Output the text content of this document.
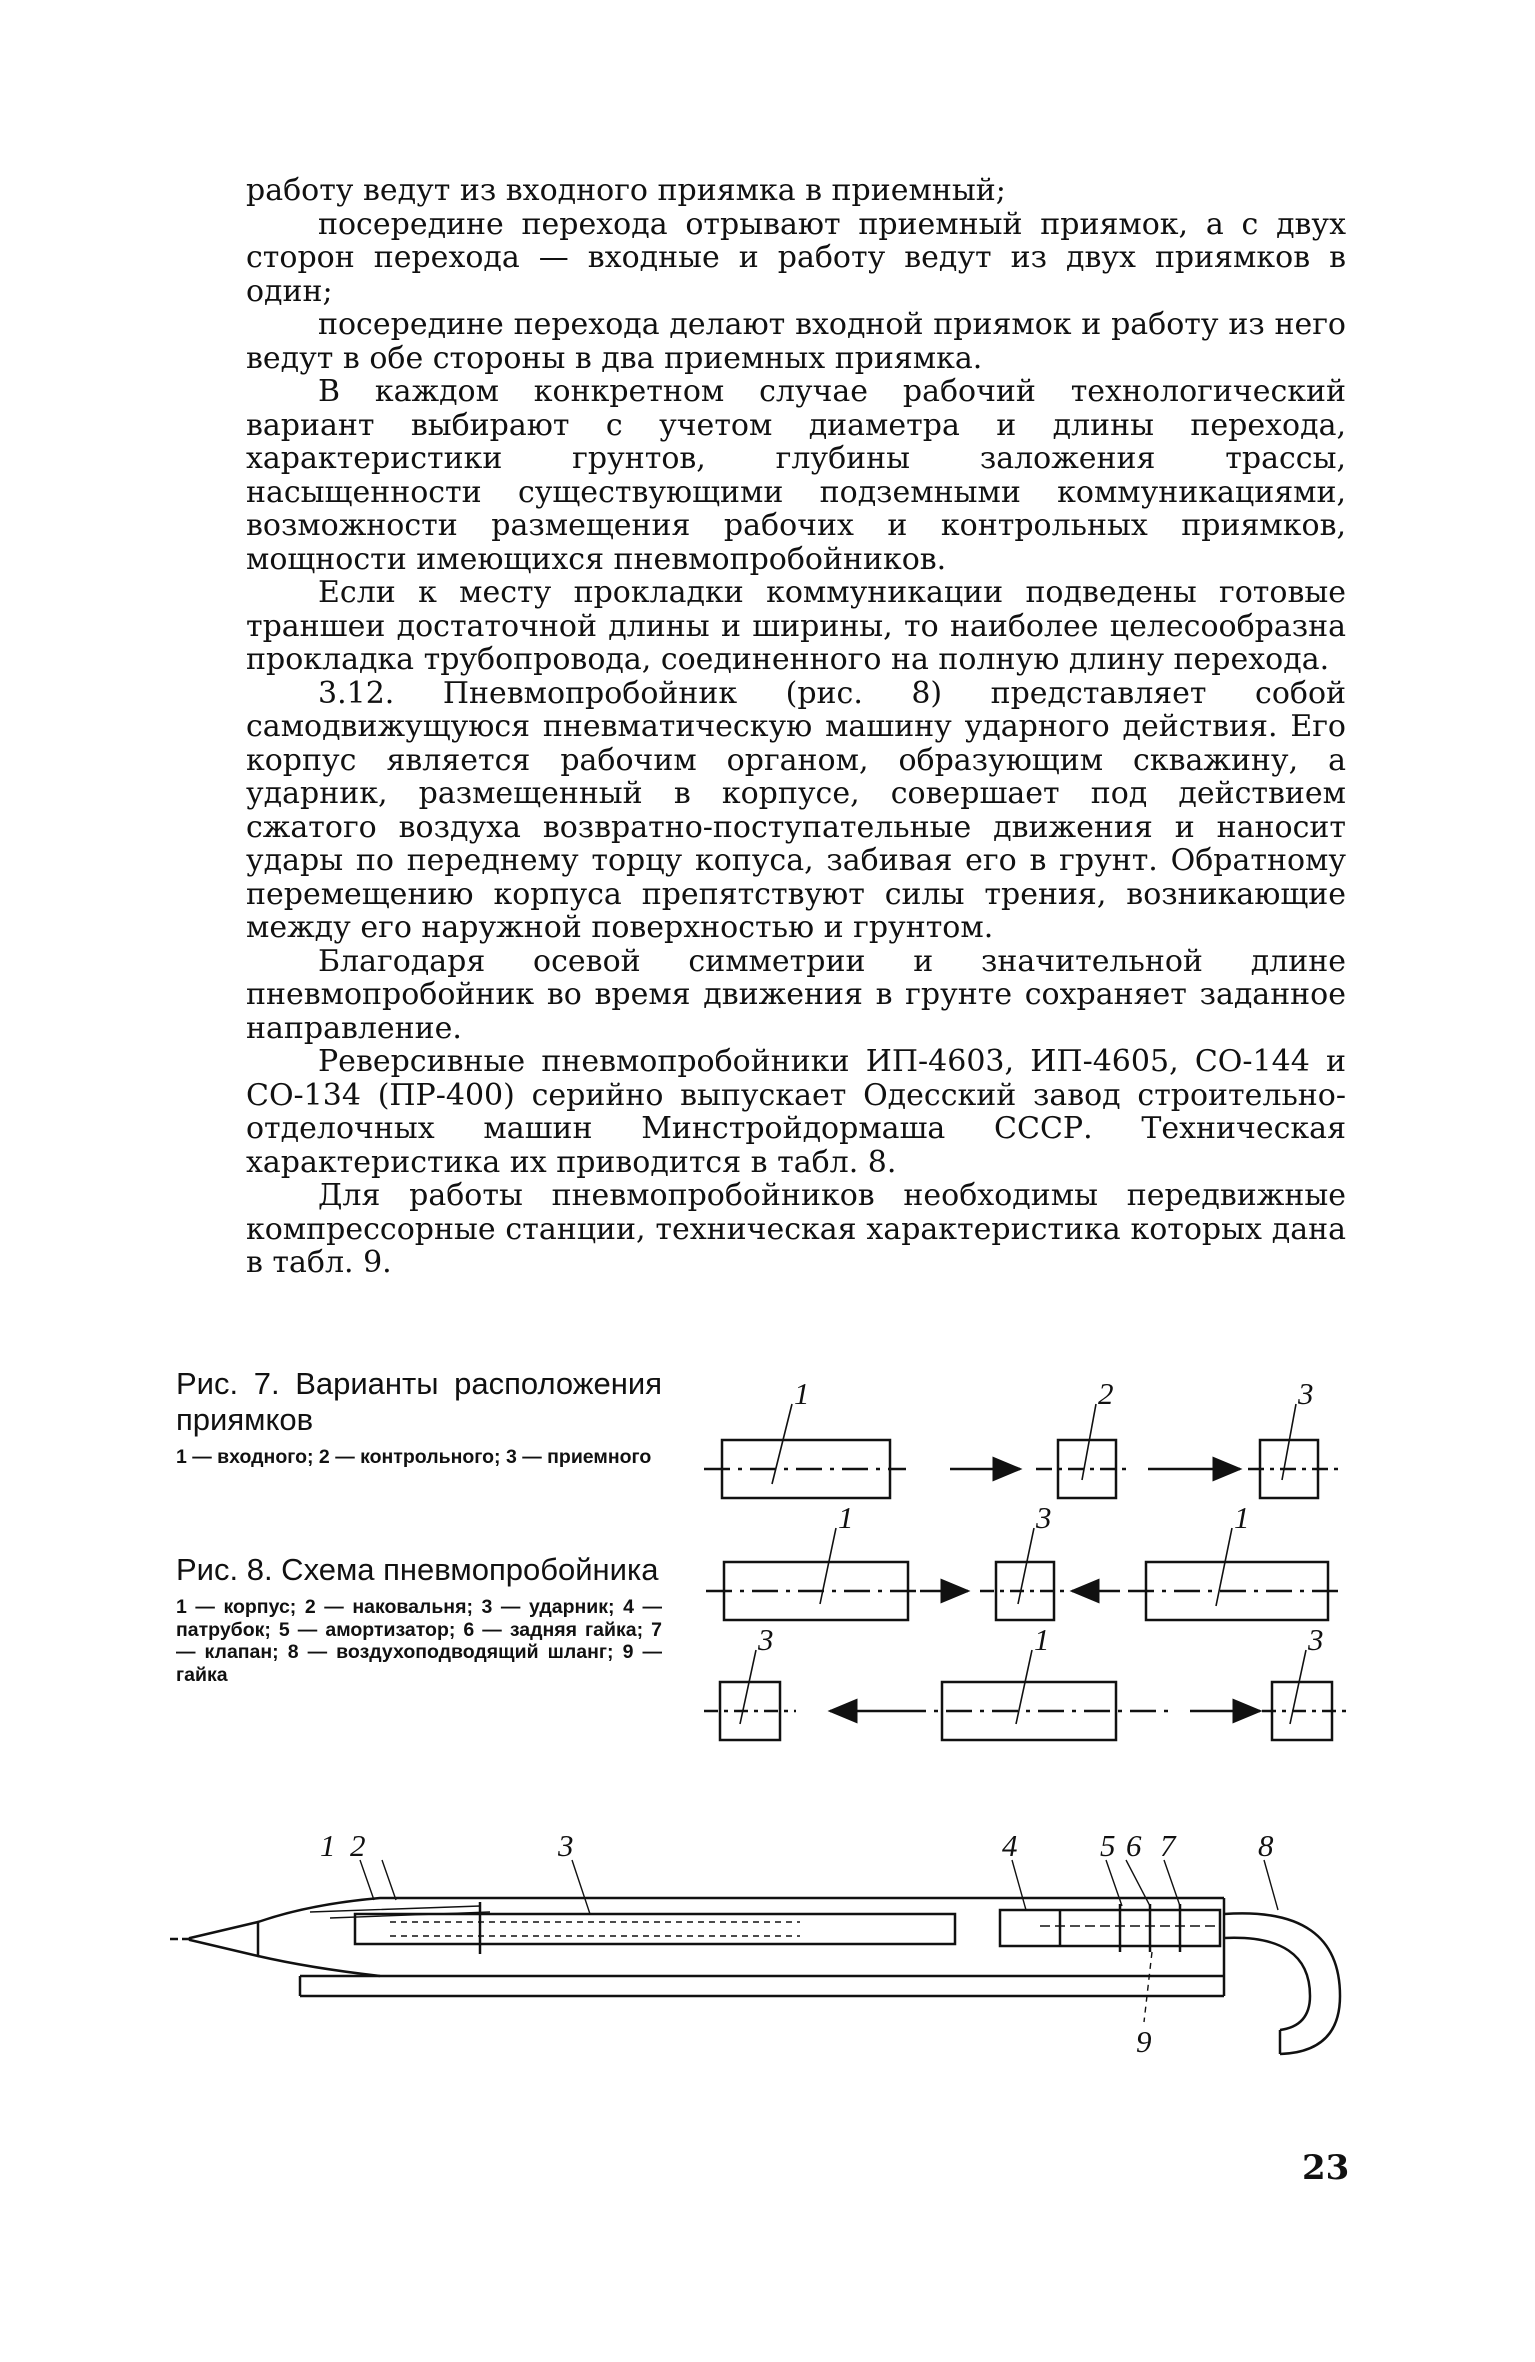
работу ведут из входного приямка в приемный;

посередине перехода отрывают приемный приямок, а с двух сторон перехода — входные и работу ведут из двух приямков в один;

посередине перехода делают входной приямок и работу из него ведут в обе стороны в два приемных приямка.

В каждом конкретном случае рабочий технологический вариант выбирают с учетом диаметра и длины перехода, характеристики грунтов, глубины заложения трассы, насыщенности существующими подземными коммуникациями, возможности размещения рабочих и контрольных приямков, мощности имеющихся пневмопробойников.

Если к месту прокладки коммуникации подведены готовые траншеи достаточной длины и ширины, то наиболее целесообразна прокладка трубопровода, соединенного на полную длину перехода.

3.12. Пневмопробойник (рис. 8) представляет собой самодвижущуюся пневматическую машину ударного действия. Его корпус является рабочим органом, образующим скважину, а ударник, размещенный в корпусе, совершает под действием сжатого воздуха возвратно-поступательные движения и наносит удары по переднему торцу копуса, забивая его в грунт. Обратному перемещению корпуса препятствуют силы трения, возникающие между его наружной поверхностью и грунтом.

Благодаря осевой симметрии и значительной длине пневмопробойник во время движения в грунте сохраняет заданное направление.

Реверсивные пневмопробойники ИП-4603, ИП-4605, СО-144 и СО-134 (ПР-400) серийно выпускает Одесский завод строительно-отделочных машин Минстройдормаша СССР. Техническая характеристика их приводится в табл. 8.

Для работы пневмопробойников необходимы передвижные компрессорные станции, техническая характеристика которых дана в табл. 9.

Рис. 7. Варианты расположения приямков

1 — входного; 2 — контрольного; 3 — приемного

Рис. 8. Схема пневмопробойника

1 — корпус; 2 — наковальня; 3 — ударник; 4 — патрубок; 5 — амортизатор; 6 — задняя гайка; 7 — клапан; 8 — воздухоподводящий шланг; 9 — гайка

1	2	3
1	3	1
3	1	3
1 2	3	4	5 6 7	8
9
23
